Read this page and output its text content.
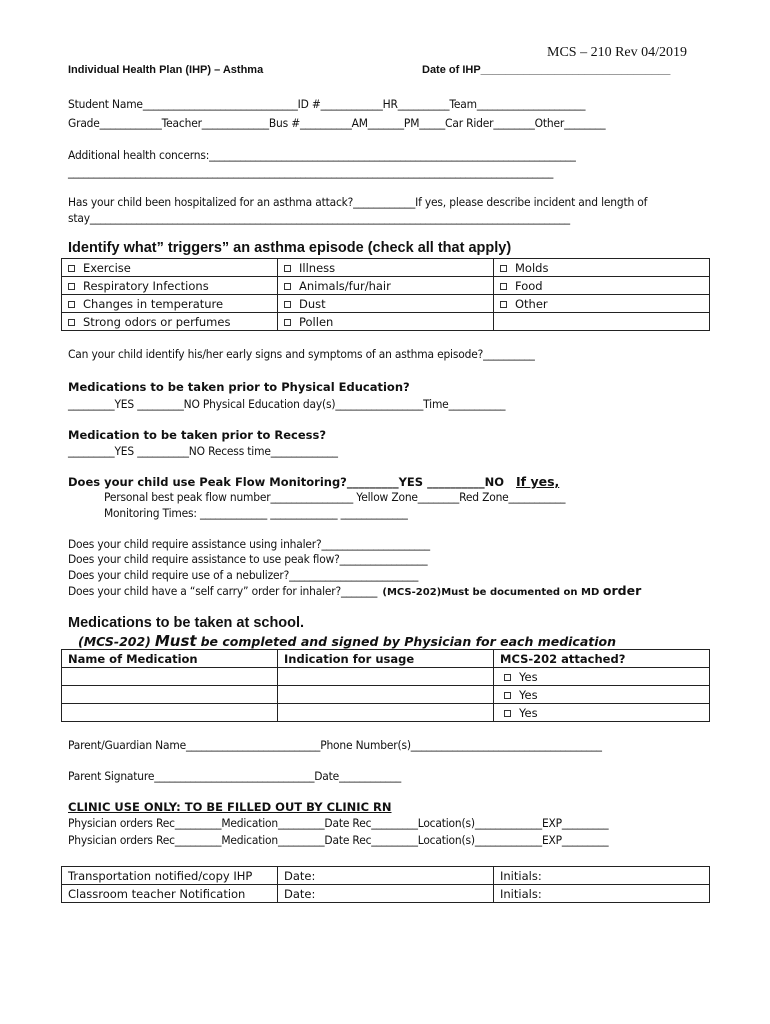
MCS – 210 Rev 04/2019
Individual Health Plan (IHP) – Asthma	Date of IHP_______________________________
Student Name______________________________ID #____________HR__________Team_____________________
Grade____________Teacher_____________Bus #__________AM_______PM_____Car Rider________Other________
Additional health concerns:_______________________________________________________________________
______________________________________________________________________________________________
Has your child been hospitalized for an asthma attack?____________If yes, please describe incident and length of
stay_____________________________________________________________________________________________
Identify what” triggers” an asthma episode (check all that apply)
Exercise	Illness	Molds
Respiratory Infections	Animals/fur/hair	Food
Changes in temperature	Dust	Other
Strong odors or perfumes	Pollen	
Can your child identify his/her early signs and symptoms of an asthma episode?__________
Medications to be taken prior to Physical Education?
_________YES _________NO Physical Education day(s)_________________Time___________
Medication to be taken prior to Recess?
_________YES __________NO Recess time_____________
Does your child use Peak Flow Monitoring?_________YES __________NO If yes,
Personal best peak flow number________________ Yellow Zone________Red Zone___________
Monitoring Times: _____________ _____________ _____________
Does your child require assistance using inhaler?_____________________
Does your child require assistance to use peak flow?_________________
Does your child require use of a nebulizer?_________________________
Does your child have a “self carry” order for inhaler?_______ (MCS-202)Must be documented on MD order
Medications to be taken at school.
(MCS-202) Must be completed and signed by Physician for each medication
Name of Medication	Indication for usage	MCS-202 attached?
		Yes
		Yes
		Yes
Parent/Guardian Name__________________________Phone Number(s)_____________________________________
Parent Signature_______________________________Date____________
CLINIC USE ONLY: TO BE FILLED OUT BY CLINIC RN
Physician orders Rec_________Medication_________Date Rec_________Location(s)_____________EXP_________
Physician orders Rec_________Medication_________Date Rec_________Location(s)_____________EXP_________
Transportation notified/copy IHP	Date:	Initials:
Classroom teacher Notification	Date:	Initials:
